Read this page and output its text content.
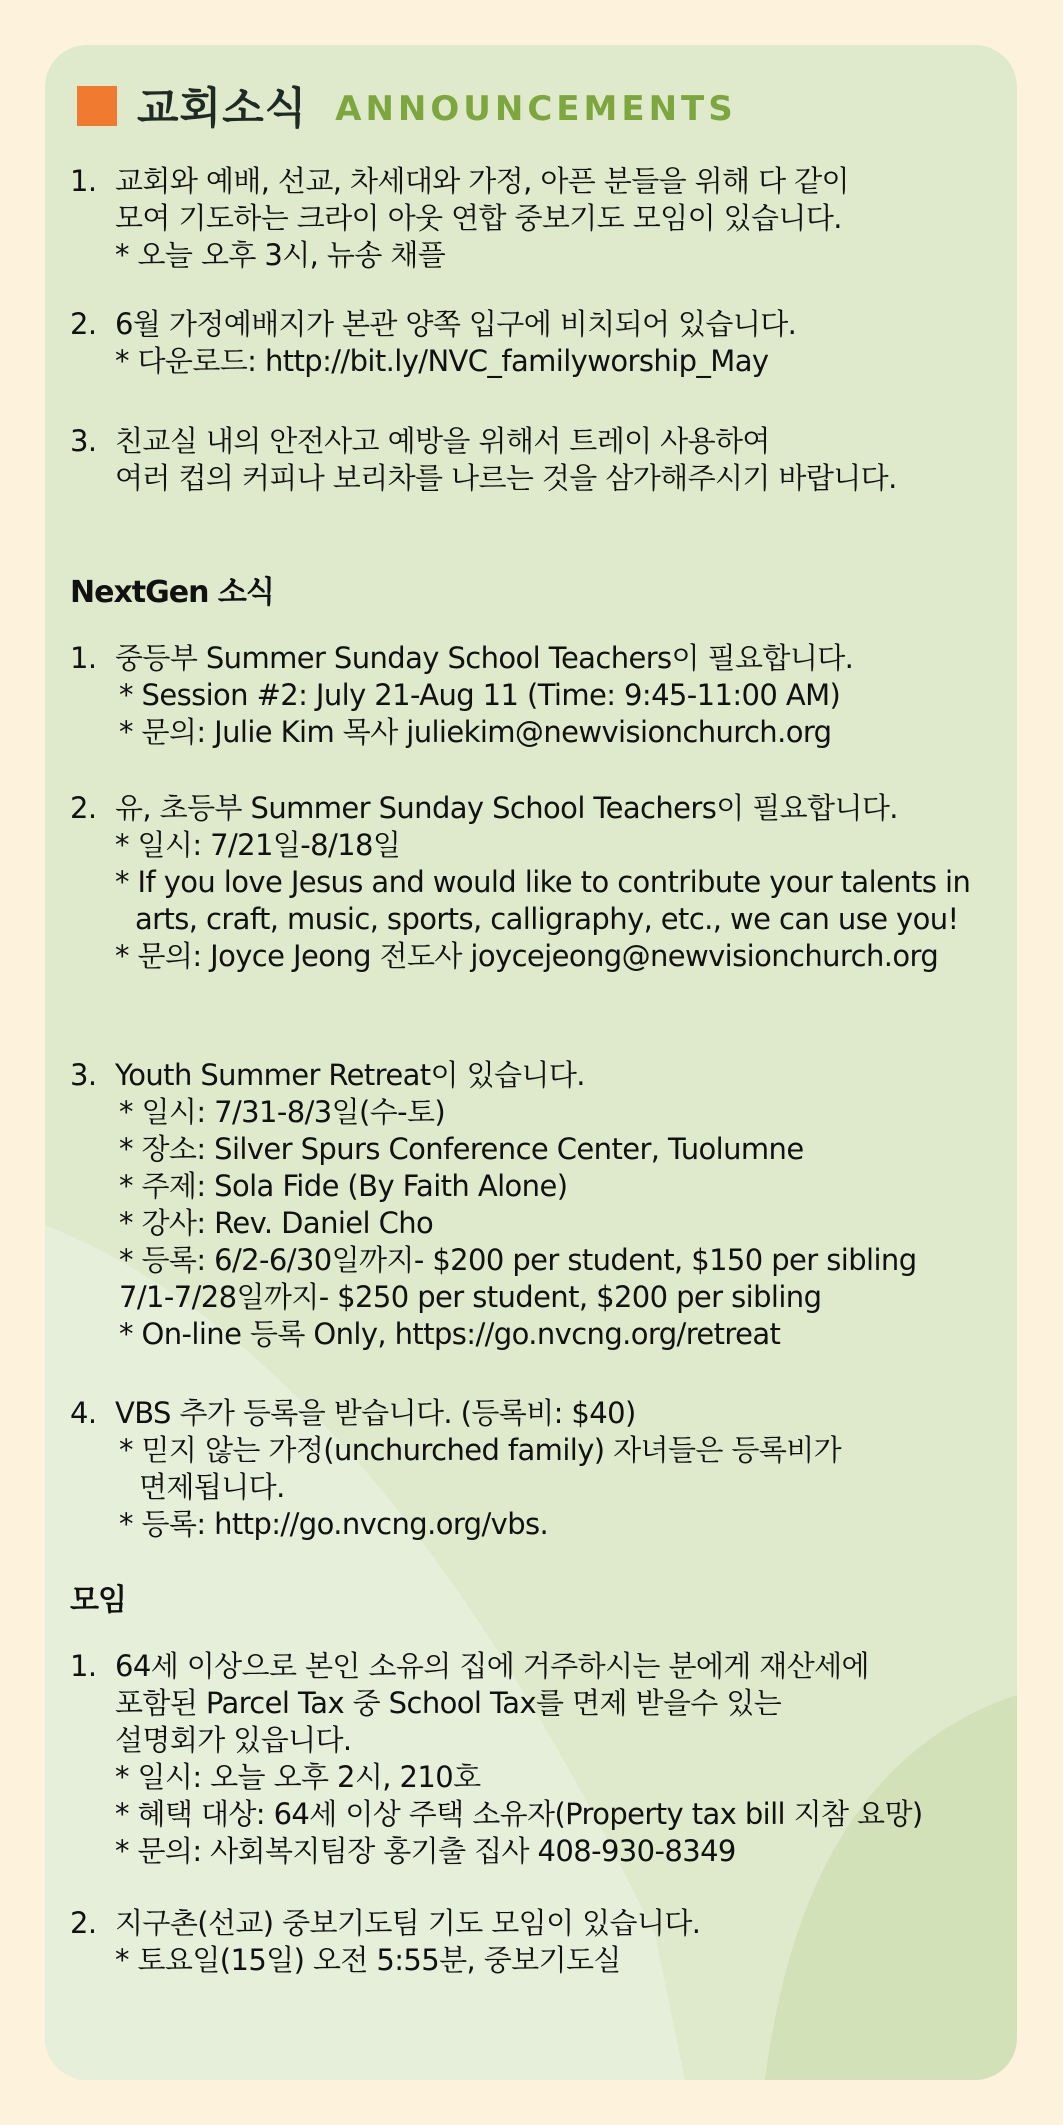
교회소식 ANNOUNCEMENTS
1. 교회와 예배, 선교, 차세대와 가정, 아픈 분들을 위해 다 같이
모여 기도하는 크라이 아웃 연합 중보기도 모임이 있습니다.
* 오늘 오후 3시, 뉴송 채플
2. 6월 가정예배지가 본관 양쪽 입구에 비치되어 있습니다.
* 다운로드: http://bit.ly/NVC_familyworship_May
3. 친교실 내의 안전사고 예방을 위해서 트레이 사용하여
여러 컵의 커피나 보리차를 나르는 것을 삼가해주시기 바랍니다.
NextGen 소식
1. 중등부 Summer Sunday School Teachers이 필요합니다.
* Session #2: July 21-Aug 11 (Time: 9:45-11:00 AM)
* 문의: Julie Kim 목사 juliekim@newvisionchurch.org
2. 유, 초등부 Summer Sunday School Teachers이 필요합니다.
* 일시: 7/21일-8/18일
* If you love Jesus and would like to contribute your talents in
arts, craft, music, sports, calligraphy, etc., we can use you!
* 문의: Joyce Jeong 전도사 joycejeong@newvisionchurch.org
3. Youth Summer Retreat이 있습니다.
* 일시: 7/31-8/3일(수-토)
* 장소: Silver Spurs Conference Center, Tuolumne
* 주제: Sola Fide (By Faith Alone)
* 강사: Rev. Daniel Cho
* 등록: 6/2-6/30일까지- $200 per student, $150 per sibling
7/1-7/28일까지- $250 per student, $200 per sibling
* On-line 등록 Only, https://go.nvcng.org/retreat
4. VBS 추가 등록을 받습니다. (등록비: $40)
* 믿지 않는 가정(unchurched family) 자녀들은 등록비가
면제됩니다.
* 등록: http://go.nvcng.org/vbs.
모임
1. 64세 이상으로 본인 소유의 집에 거주하시는 분에게 재산세에
포함된 Parcel Tax 중 School Tax를 면제 받을수 있는
설명회가 있읍니다.
* 일시: 오늘 오후 2시, 210호
* 혜택 대상: 64세 이상 주택 소유자(Property tax bill 지참 요망)
* 문의: 사회복지팀장 홍기출 집사 408-930-8349
2. 지구촌(선교) 중보기도팀 기도 모임이 있습니다.
* 토요일(15일) 오전 5:55분, 중보기도실
